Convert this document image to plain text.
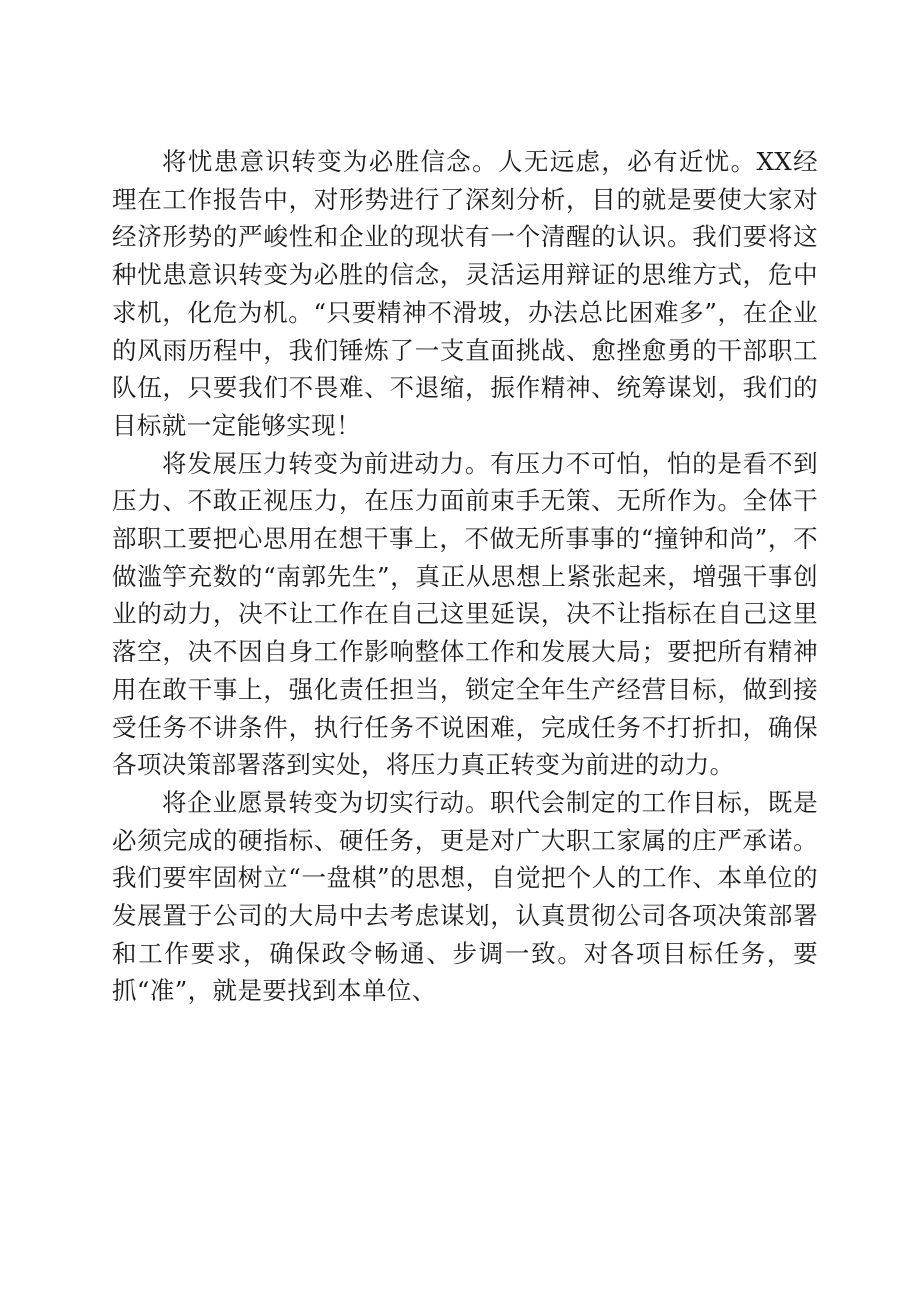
将忧患意识转变为必胜信念。人无远虑，必有近忧。XX经理在工作报告中，对形势进行了深刻分析，目的就是要使大家对经济形势的严峻性和企业的现状有一个清醒的认识。我们要将这种忧患意识转变为必胜的信念，灵活运用辩证的思维方式，危中求机，化危为机。“只要精神不滑坡，办法总比困难多”，在企业的风雨历程中，我们锤炼了一支直面挑战、愈挫愈勇的干部职工队伍，只要我们不畏难、不退缩，振作精神、统筹谋划，我们的目标就一定能够实现！

将发展压力转变为前进动力。有压力不可怕，怕的是看不到压力、不敢正视压力，在压力面前束手无策、无所作为。全体干部职工要把心思用在想干事上，不做无所事事的“撞钟和尚”，不做滥竽充数的“南郭先生”，真正从思想上紧张起来，增强干事创业的动力，决不让工作在自己这里延误，决不让指标在自己这里落空，决不因自身工作影响整体工作和发展大局；要把所有精神用在敢干事上，强化责任担当，锁定全年生产经营目标，做到接受任务不讲条件，执行任务不说困难，完成任务不打折扣，确保各项决策部署落到实处，将压力真正转变为前进的动力。

将企业愿景转变为切实行动。职代会制定的工作目标，既是必须完成的硬指标、硬任务，更是对广大职工家属的庄严承诺。我们要牢固树立“一盘棋”的思想，自觉把个人的工作、本单位的发展置于公司的大局中去考虑谋划，认真贯彻公司各项决策部署和工作要求，确保政令畅通、步调一致。对各项目标任务，要抓“准”，就是要找到本单位、
